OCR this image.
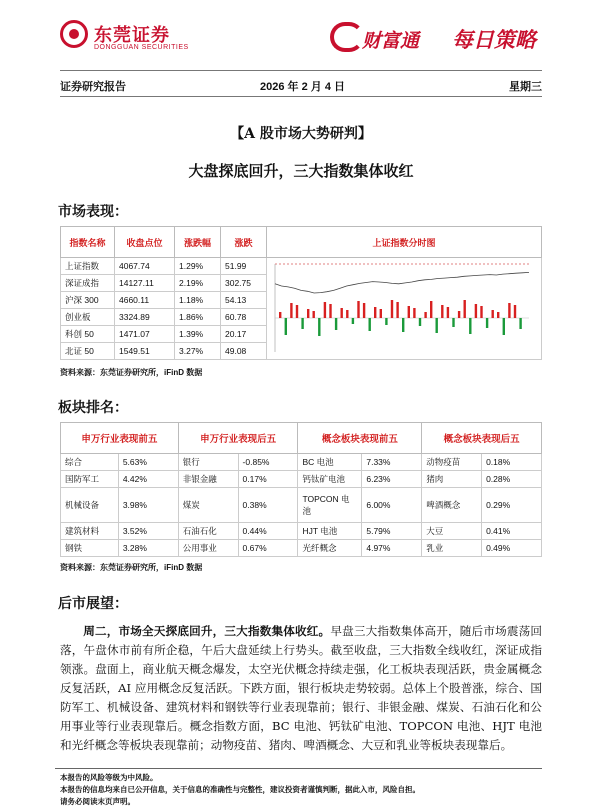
东莞证券
DONGGUAN SECURITIES	财富通 每日策略
证券研究报告	2026 年 2 月 4 日	星期三
【A 股市场大势研判】
大盘探底回升，三大指数集体收红
市场表现：
指数名称	收盘点位	涨跌幅	涨跌	上证指数分时图
上证指数	4067.74	1.29%	51.99	
深证成指	14127.11	2.19%	302.75	
沪深 300	4660.11	1.18%	54.13	
创业板	3324.89	1.86%	60.78	
科创 50	1471.07	1.39%	20.17	
北证 50	1549.51	3.27%	49.08	
资料来源：东莞证券研究所，iFinD 数据
板块排名：
申万行业表现前五		申万行业表现后五		概念板块表现前五		概念板块表现后五	
综合	5.63%	银行	-0.85%	BC 电池	7.33%	动物疫苗	0.18%
国防军工	4.42%	非银金融	0.17%	钙钛矿电池	6.23%	猪肉	0.28%
机械设备	3.98%	煤炭	0.38%	TOPCON 电池	6.00%	啤酒概念	0.29%
建筑材料	3.52%	石油石化	0.44%	HJT 电池	5.79%	大豆	0.41%
钢铁	3.28%	公用事业	0.67%	光纤概念	4.97%	乳业	0.49%
资料来源：东莞证券研究所，iFinD 数据
后市展望：
周二，市场全天探底回升，三大指数集体收红。早盘三大指数集体高开，随后市场震荡回落，午盘休市前有所企稳，午后大盘延续上行势头。截至收盘，三大指数全线收红，深证成指领涨。盘面上，商业航天概念爆发，太空光伏概念持续走强，化工板块表现活跃，贵金属概念反复活跃，AI 应用概念反复活跃。下跌方面，银行板块走势较弱。总体上个股普涨，综合、国防军工、机械设备、建筑材料和钢铁等行业表现靠前；银行、非银金融、煤炭、石油石化和公用事业等行业表现靠后。概念指数方面，BC 电池、钙钛矿电池、TOPCON 电池、HJT 电池和光纤概念等板块表现靠前；动物疫苗、猪肉、啤酒概念、大豆和乳业等板块表现靠后。
本报告的风险等级为中风险。
本报告的信息均来自已公开信息，关于信息的准确性与完整性，建议投资者谨慎判断，据此入市，风险自担。
请务必阅读末页声明。
